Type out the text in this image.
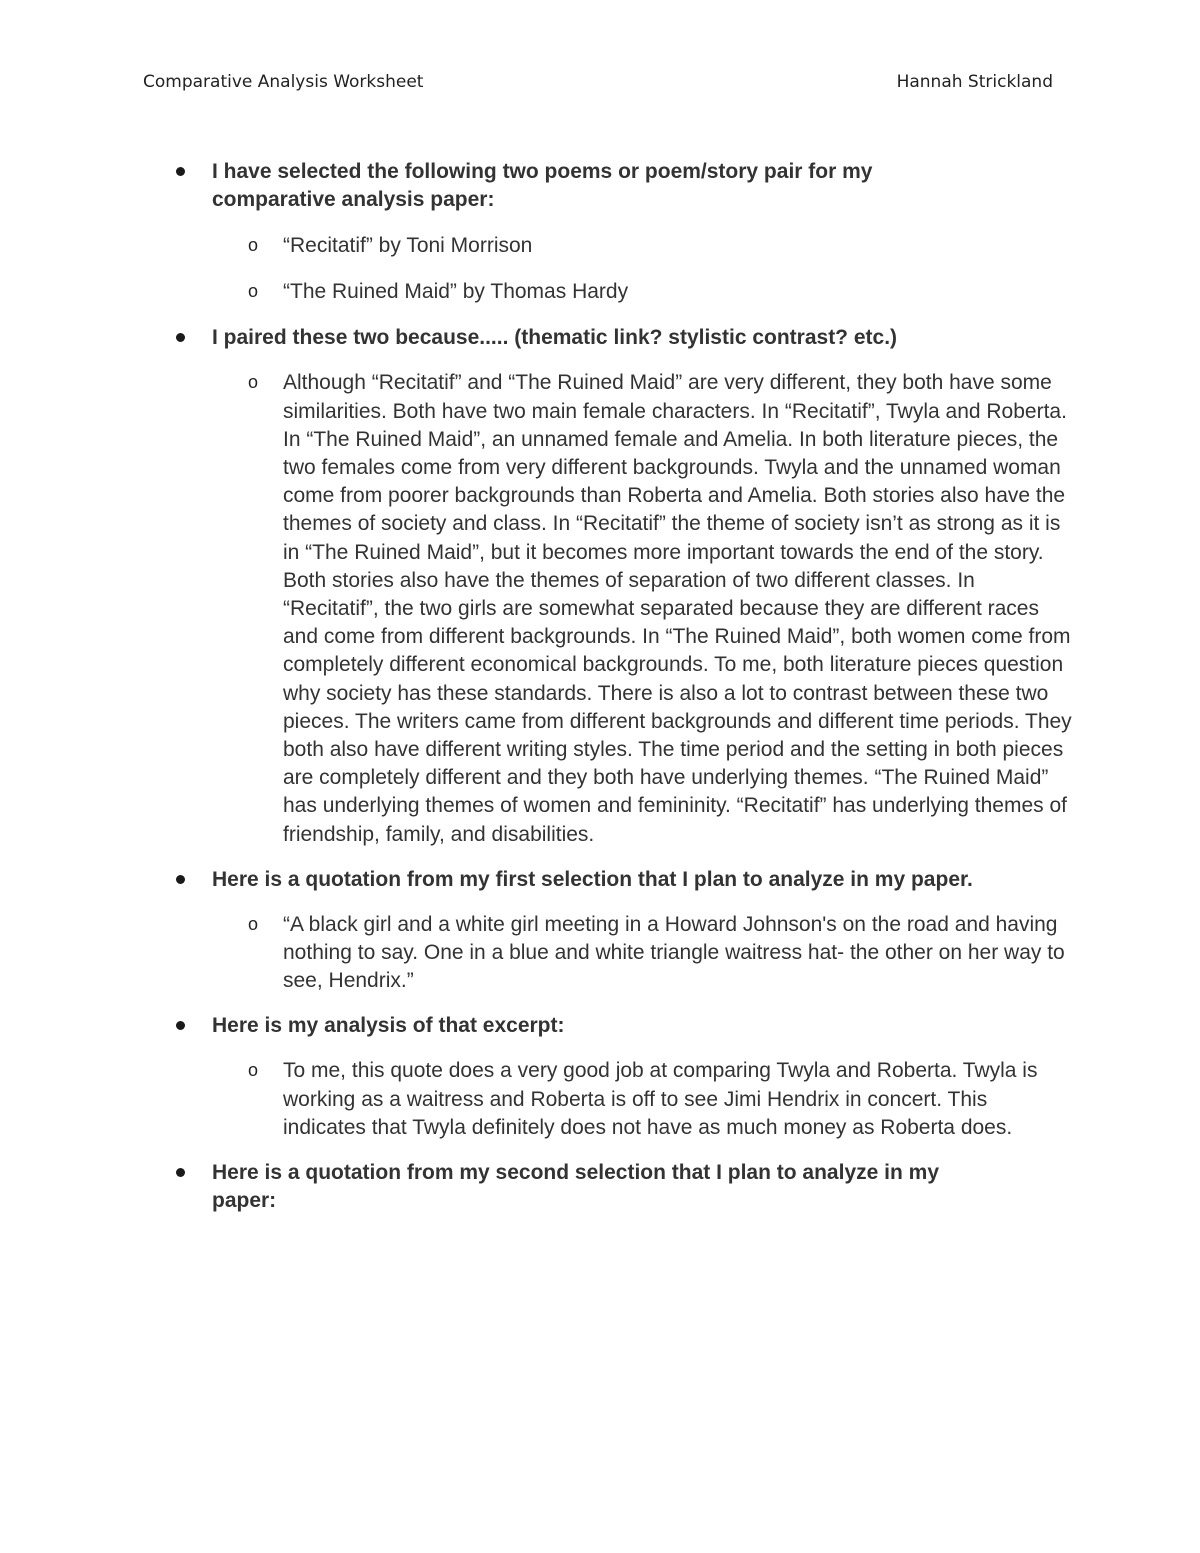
Comparative Analysis Worksheet	Hannah Strickland
I have selected the following two poems or poem/story pair for my comparative analysis paper:
o “Recitatif” by Toni Morrison
o “The Ruined Maid” by Thomas Hardy
I paired these two because..... (thematic link? stylistic contrast? etc.)
o Although “Recitatif” and “The Ruined Maid” are very different, they both have some similarities. Both have two main female characters. In “Recitatif”, Twyla and Roberta. In “The Ruined Maid”, an unnamed female and Amelia. In both literature pieces, the two females come from very different backgrounds. Twyla and the unnamed woman come from poorer backgrounds than Roberta and Amelia. Both stories also have the themes of society and class. In “Recitatif” the theme of society isn’t as strong as it is in “The Ruined Maid”, but it becomes more important towards the end of the story. Both stories also have the themes of separation of two different classes. In “Recitatif”, the two girls are somewhat separated because they are different races and come from different backgrounds. In “The Ruined Maid”, both women come from completely different economical backgrounds. To me, both literature pieces question why society has these standards. There is also a lot to contrast between these two pieces. The writers came from different backgrounds and different time periods. They both also have different writing styles. The time period and the setting in both pieces are completely different and they both have underlying themes. “The Ruined Maid” has underlying themes of women and femininity. “Recitatif” has underlying themes of friendship, family, and disabilities.
Here is a quotation from my first selection that I plan to analyze in my paper.
o “A black girl and a white girl meeting in a Howard Johnson's on the road and having nothing to say. One in a blue and white triangle waitress hat- the other on her way to see, Hendrix.”
Here is my analysis of that excerpt:
o To me, this quote does a very good job at comparing Twyla and Roberta. Twyla is working as a waitress and Roberta is off to see Jimi Hendrix in concert. This indicates that Twyla definitely does not have as much money as Roberta does.
Here is a quotation from my second selection that I plan to analyze in my paper:
